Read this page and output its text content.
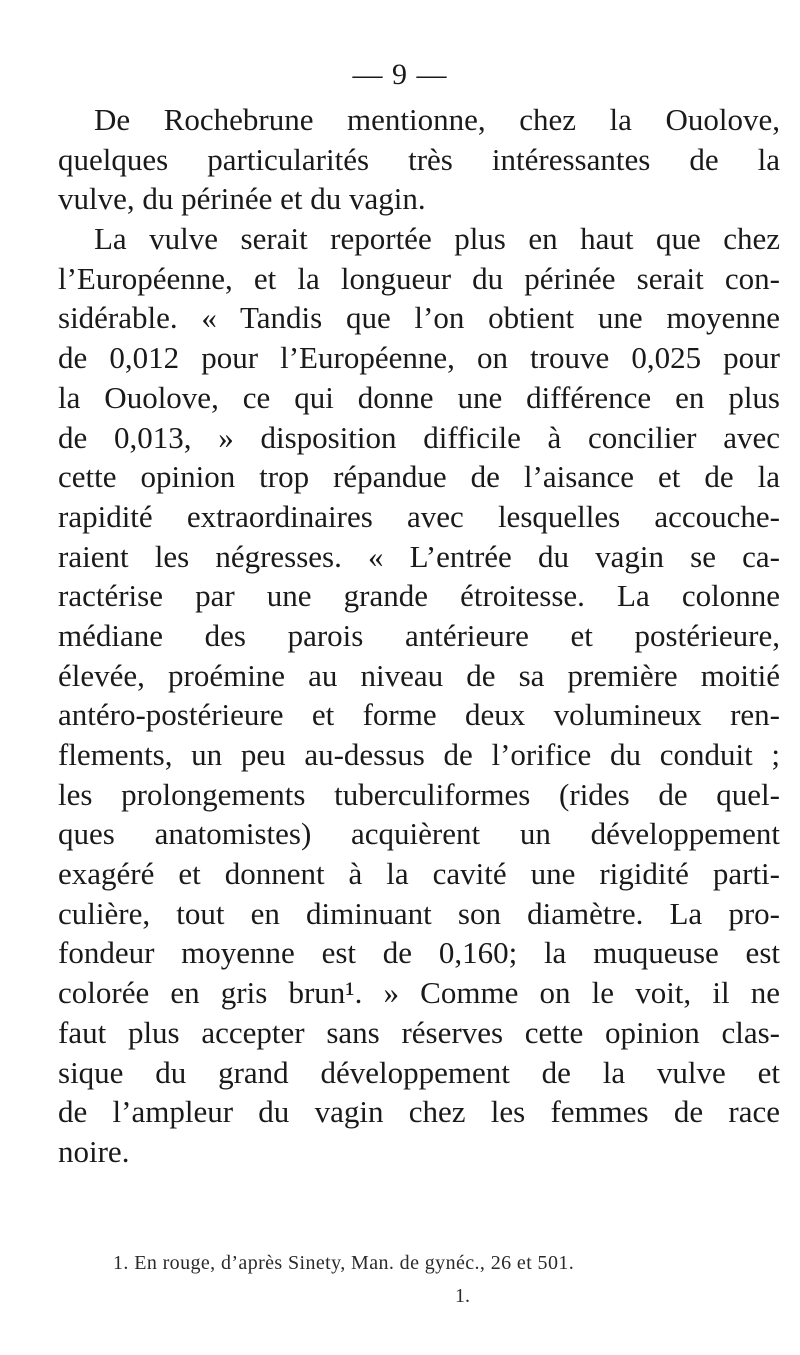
— 9 —
De Rochebrune mentionne, chez la Ouolove,
quelques particularités très intéressantes de la
vulve, du périnée et du vagin.
La vulve serait reportée plus en haut que chez
l’Européenne, et la longueur du périnée serait con-
sidérable. « Tandis que l’on obtient une moyenne
de 0,012 pour l’Européenne, on trouve 0,025 pour
la Ouolove, ce qui donne une différence en plus
de 0,013, » disposition difficile à concilier avec
cette opinion trop répandue de l’aisance et de la
rapidité extraordinaires avec lesquelles accouche-
raient les négresses. « L’entrée du vagin se ca-
ractérise par une grande étroitesse. La colonne
médiane des parois antérieure et postérieure,
élevée, proémine au niveau de sa première moitié
antéro-postérieure et forme deux volumineux ren-
flements, un peu au-dessus de l’orifice du conduit ;
les prolongements tuberculiformes (rides de quel-
ques anatomistes) acquièrent un développement
exagéré et donnent à la cavité une rigidité parti-
culière, tout en diminuant son diamètre. La pro-
fondeur moyenne est de 0,160; la muqueuse est
colorée en gris brun¹. » Comme on le voit, il ne
faut plus accepter sans réserves cette opinion clas-
sique du grand développement de la vulve et
de l’ampleur du vagin chez les femmes de race
noire.
1. En rouge, d’après Sinety, Man. de gynéc., 26 et 501.
1.
